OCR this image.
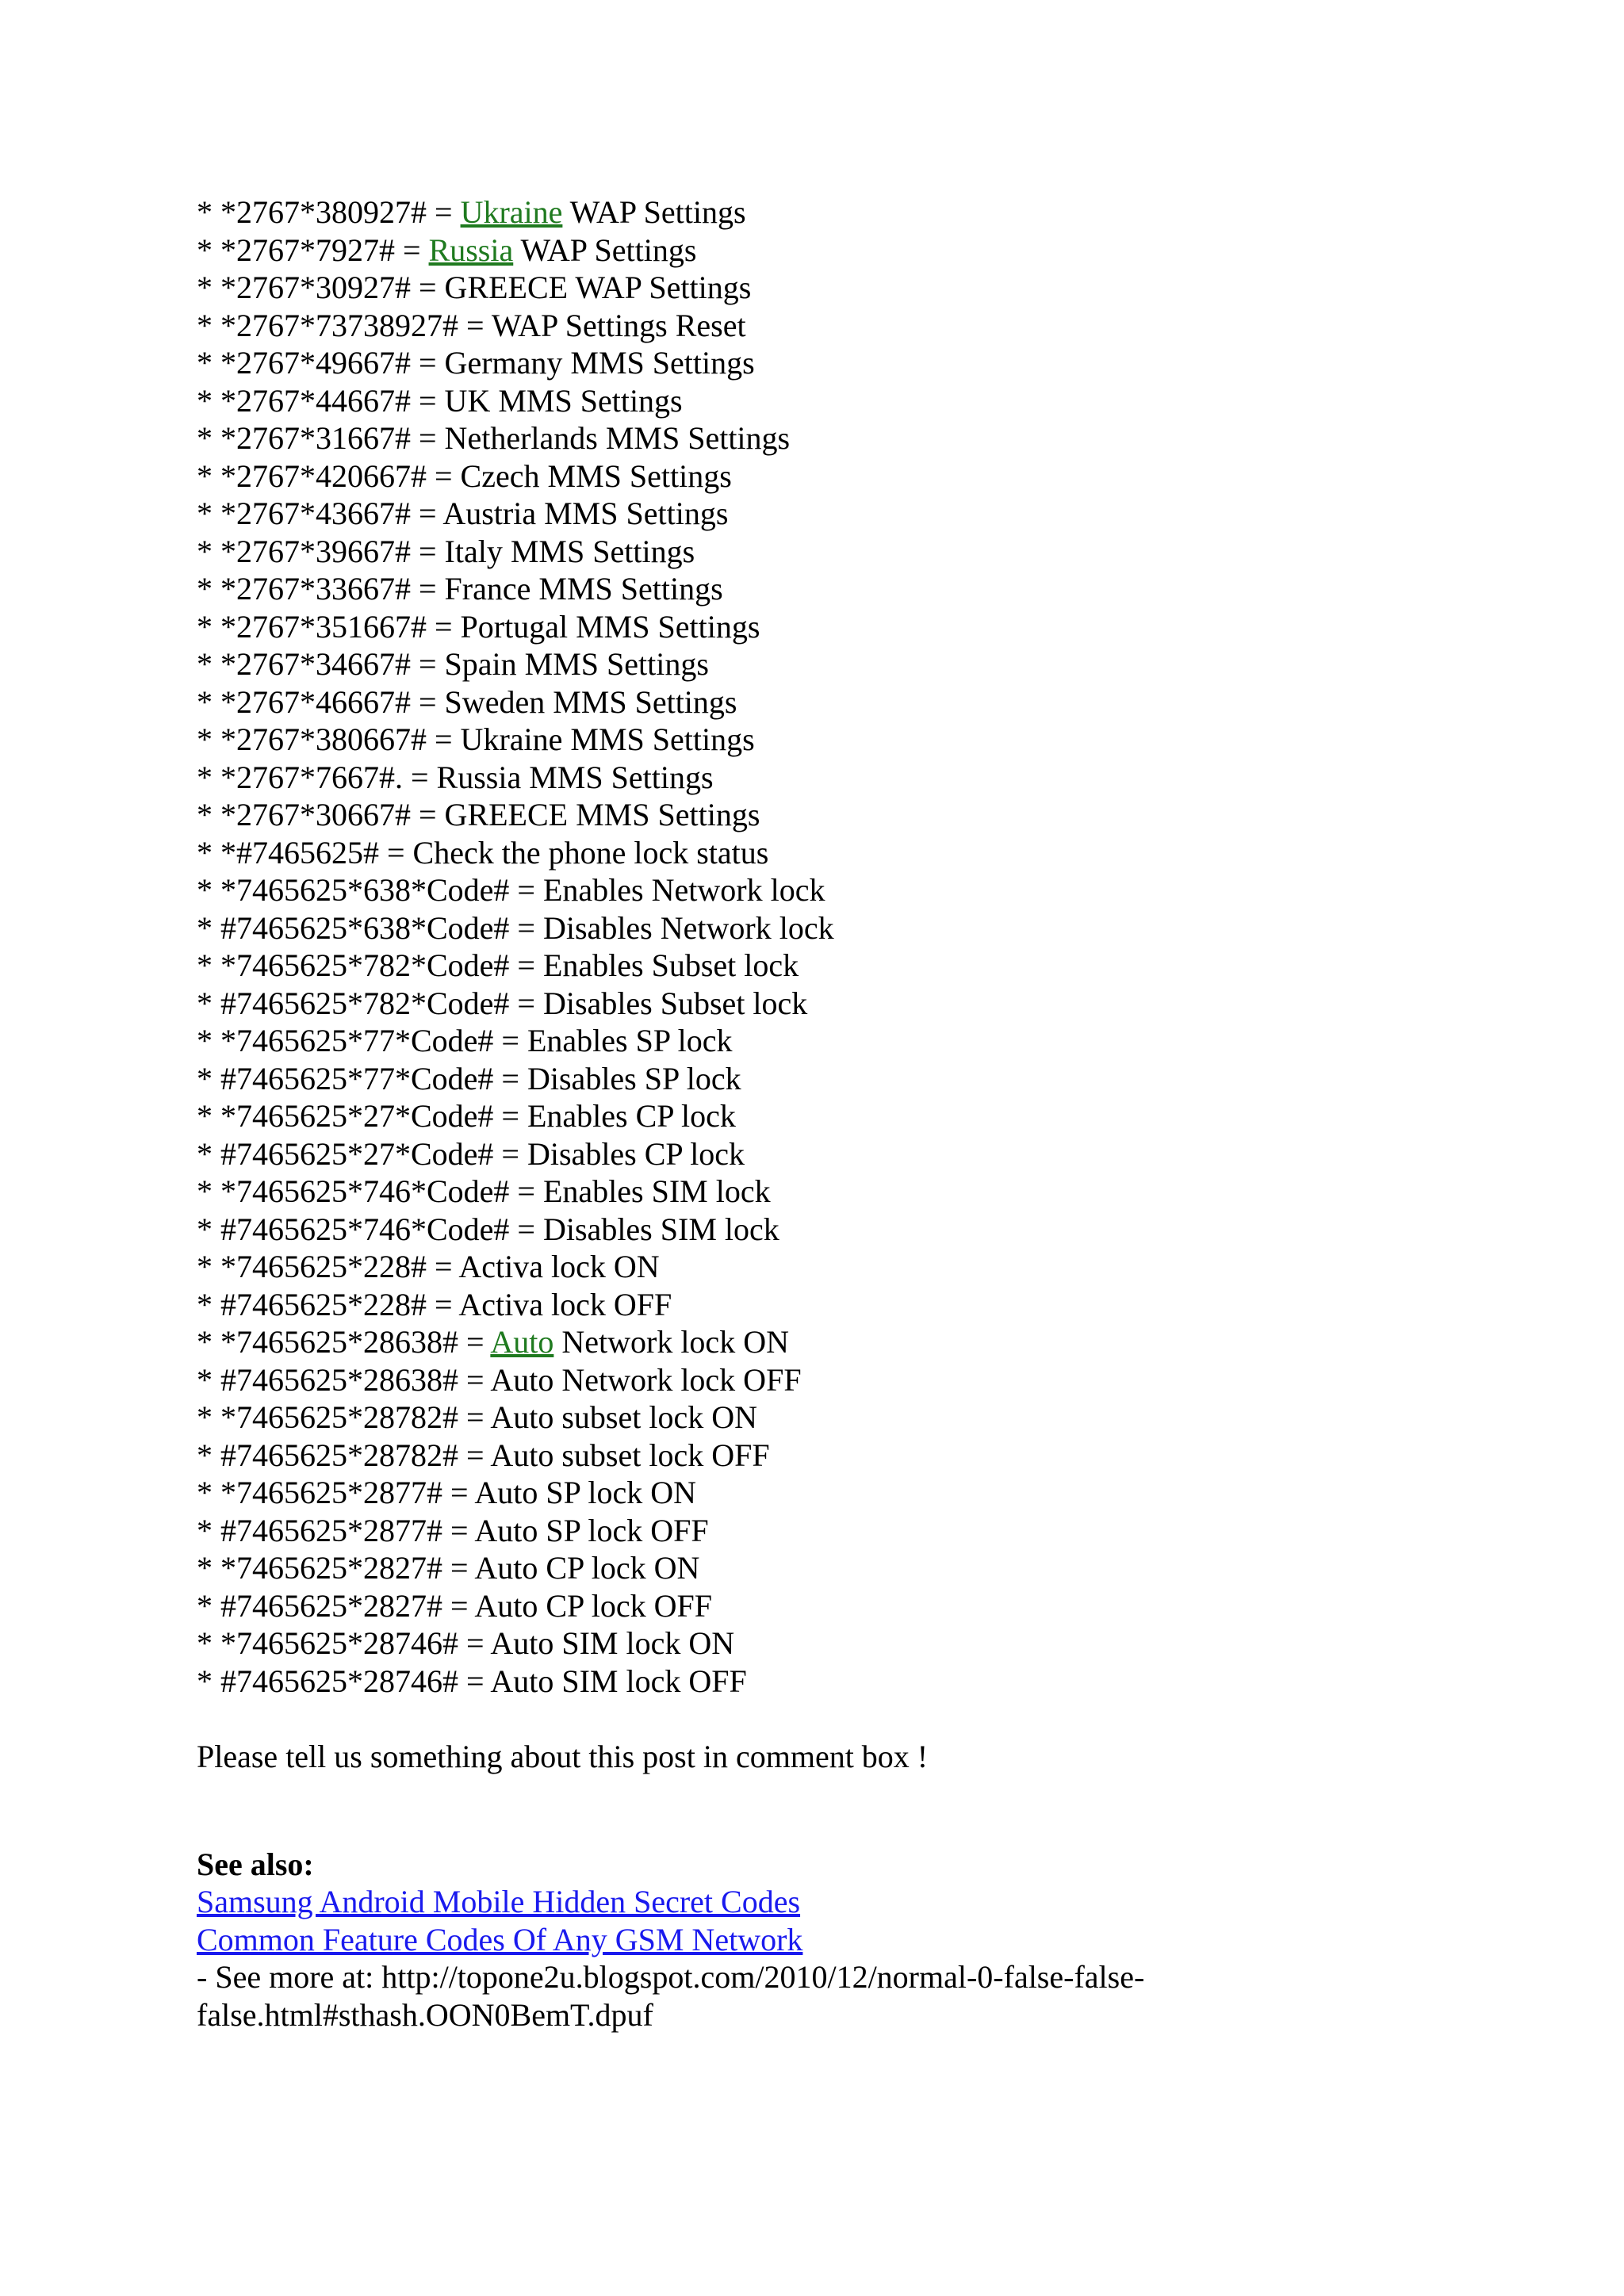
* *2767*380927# = Ukraine WAP Settings
* *2767*7927# = Russia WAP Settings
* *2767*30927# = GREECE WAP Settings
* *2767*73738927# = WAP Settings Reset
* *2767*49667# = Germany MMS Settings
* *2767*44667# = UK MMS Settings
* *2767*31667# = Netherlands MMS Settings
* *2767*420667# = Czech MMS Settings
* *2767*43667# = Austria MMS Settings
* *2767*39667# = Italy MMS Settings
* *2767*33667# = France MMS Settings
* *2767*351667# = Portugal MMS Settings
* *2767*34667# = Spain MMS Settings
* *2767*46667# = Sweden MMS Settings
* *2767*380667# = Ukraine MMS Settings
* *2767*7667#. = Russia MMS Settings
* *2767*30667# = GREECE MMS Settings
* *#7465625# = Check the phone lock status
* *7465625*638*Code# = Enables Network lock
* #7465625*638*Code# = Disables Network lock
* *7465625*782*Code# = Enables Subset lock
* #7465625*782*Code# = Disables Subset lock
* *7465625*77*Code# = Enables SP lock
* #7465625*77*Code# = Disables SP lock
* *7465625*27*Code# = Enables CP lock
* #7465625*27*Code# = Disables CP lock
* *7465625*746*Code# = Enables SIM lock
* #7465625*746*Code# = Disables SIM lock
* *7465625*228# = Activa lock ON
* #7465625*228# = Activa lock OFF
* *7465625*28638# = Auto Network lock ON
* #7465625*28638# = Auto Network lock OFF
* *7465625*28782# = Auto subset lock ON
* #7465625*28782# = Auto subset lock OFF
* *7465625*2877# = Auto SP lock ON
* #7465625*2877# = Auto SP lock OFF
* *7465625*2827# = Auto CP lock ON
* #7465625*2827# = Auto CP lock OFF
* *7465625*28746# = Auto SIM lock ON
* #7465625*28746# = Auto SIM lock OFF

Please tell us something about this post in comment box !

See also:
Samsung Android Mobile Hidden Secret Codes
Common Feature Codes Of Any GSM Network
- See more at: http://topone2u.blogspot.com/2010/12/normal-0-false-false-false.html#sthash.OON0BemT.dpuf
